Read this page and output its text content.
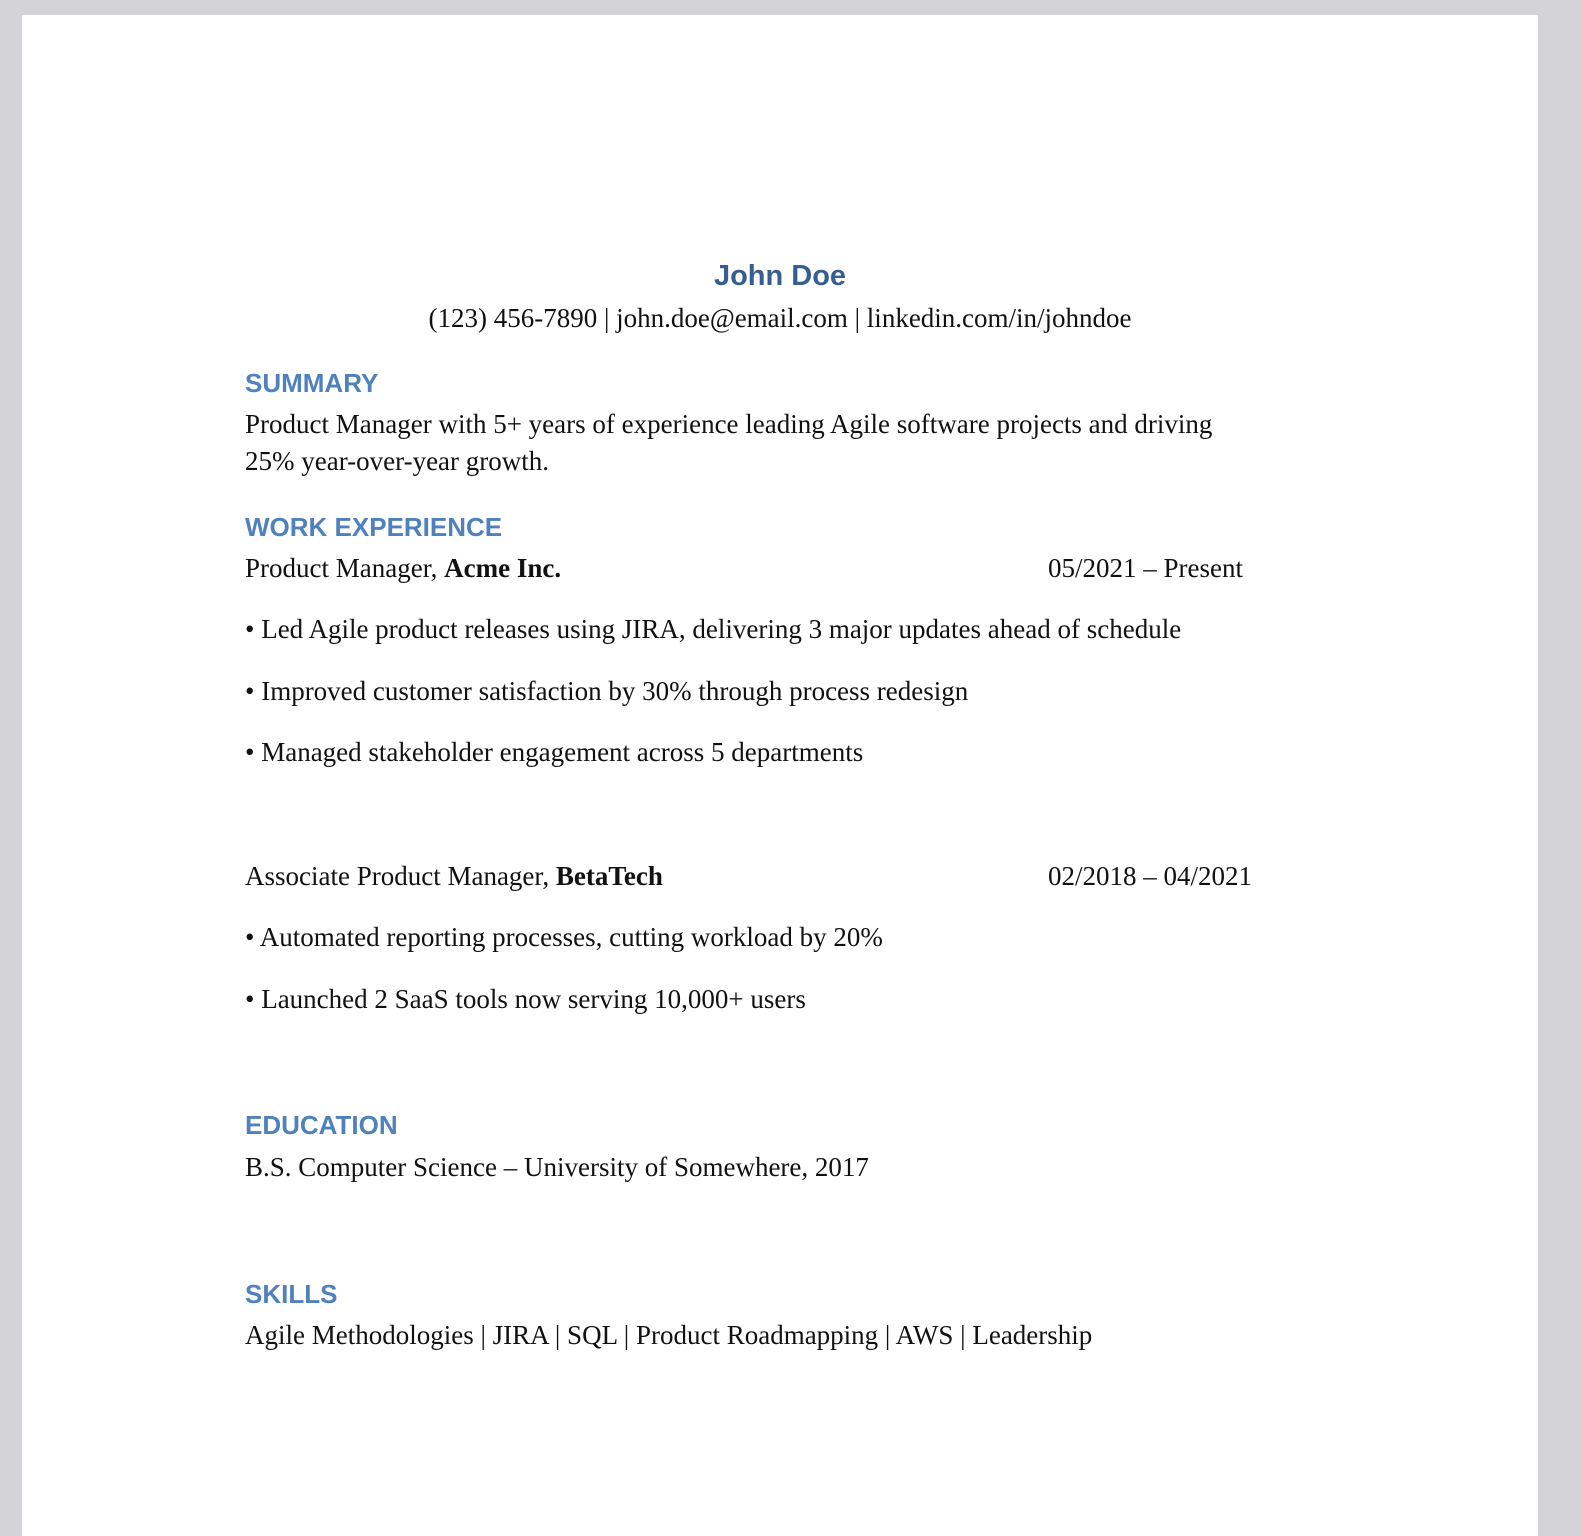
John Doe
(123) 456-7890 | john.doe@email.com | linkedin.com/in/johndoe
SUMMARY
Product Manager with 5+ years of experience leading Agile software projects and driving
25% year-over-year growth.
WORK EXPERIENCE
Product Manager, Acme Inc.	05/2021 – Present
• Led Agile product releases using JIRA, delivering 3 major updates ahead of schedule
• Improved customer satisfaction by 30% through process redesign
• Managed stakeholder engagement across 5 departments
Associate Product Manager, BetaTech	02/2018 – 04/2021
• Automated reporting processes, cutting workload by 20%
• Launched 2 SaaS tools now serving 10,000+ users
EDUCATION
B.S. Computer Science – University of Somewhere, 2017
SKILLS
Agile Methodologies | JIRA | SQL | Product Roadmapping | AWS | Leadership
